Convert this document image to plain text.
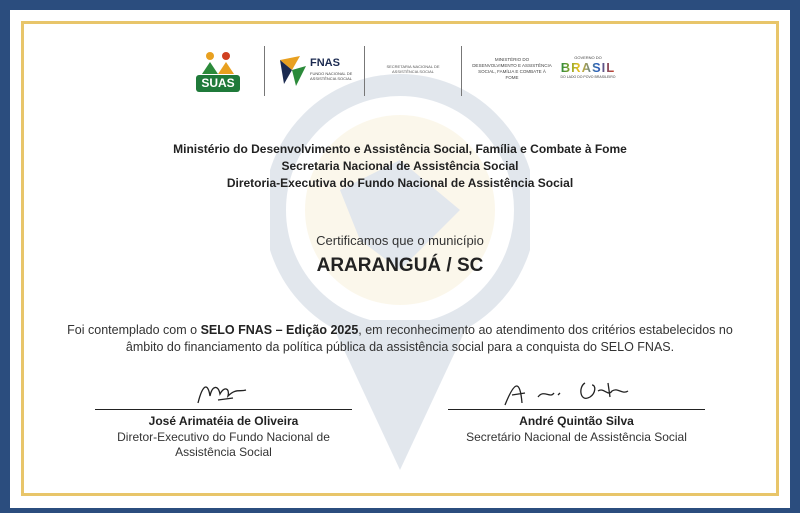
SUAS
FNAS
FUNDO NACIONAL DE ASSISTÊNCIA SOCIAL
SECRETARIA NACIONAL DE ASSISTÊNCIA SOCIAL
MINISTÉRIO DO DESENVOLVIMENTO E ASSISTÊNCIA SOCIAL, FAMÍLIA E COMBATE À FOME
GOVERNO DO
BRASIL
DO LADO DO POVO BRASILEIRO
Ministério do Desenvolvimento e Assistência Social, Família e Combate à Fome
Secretaria Nacional de Assistência Social
Diretoria-Executiva do Fundo Nacional de Assistência Social
Certificamos que o município
ARARANGUÁ / SC
Foi contemplado com o SELO FNAS – Edição 2025, em reconhecimento ao atendimento dos critérios estabelecidos no âmbito do financiamento da política pública da assistência social para a conquista do SELO FNAS.
José Arimatéia de Oliveira
Diretor-Executivo do Fundo Nacional de Assistência Social
André Quintão Silva
Secretário Nacional de Assistência Social
